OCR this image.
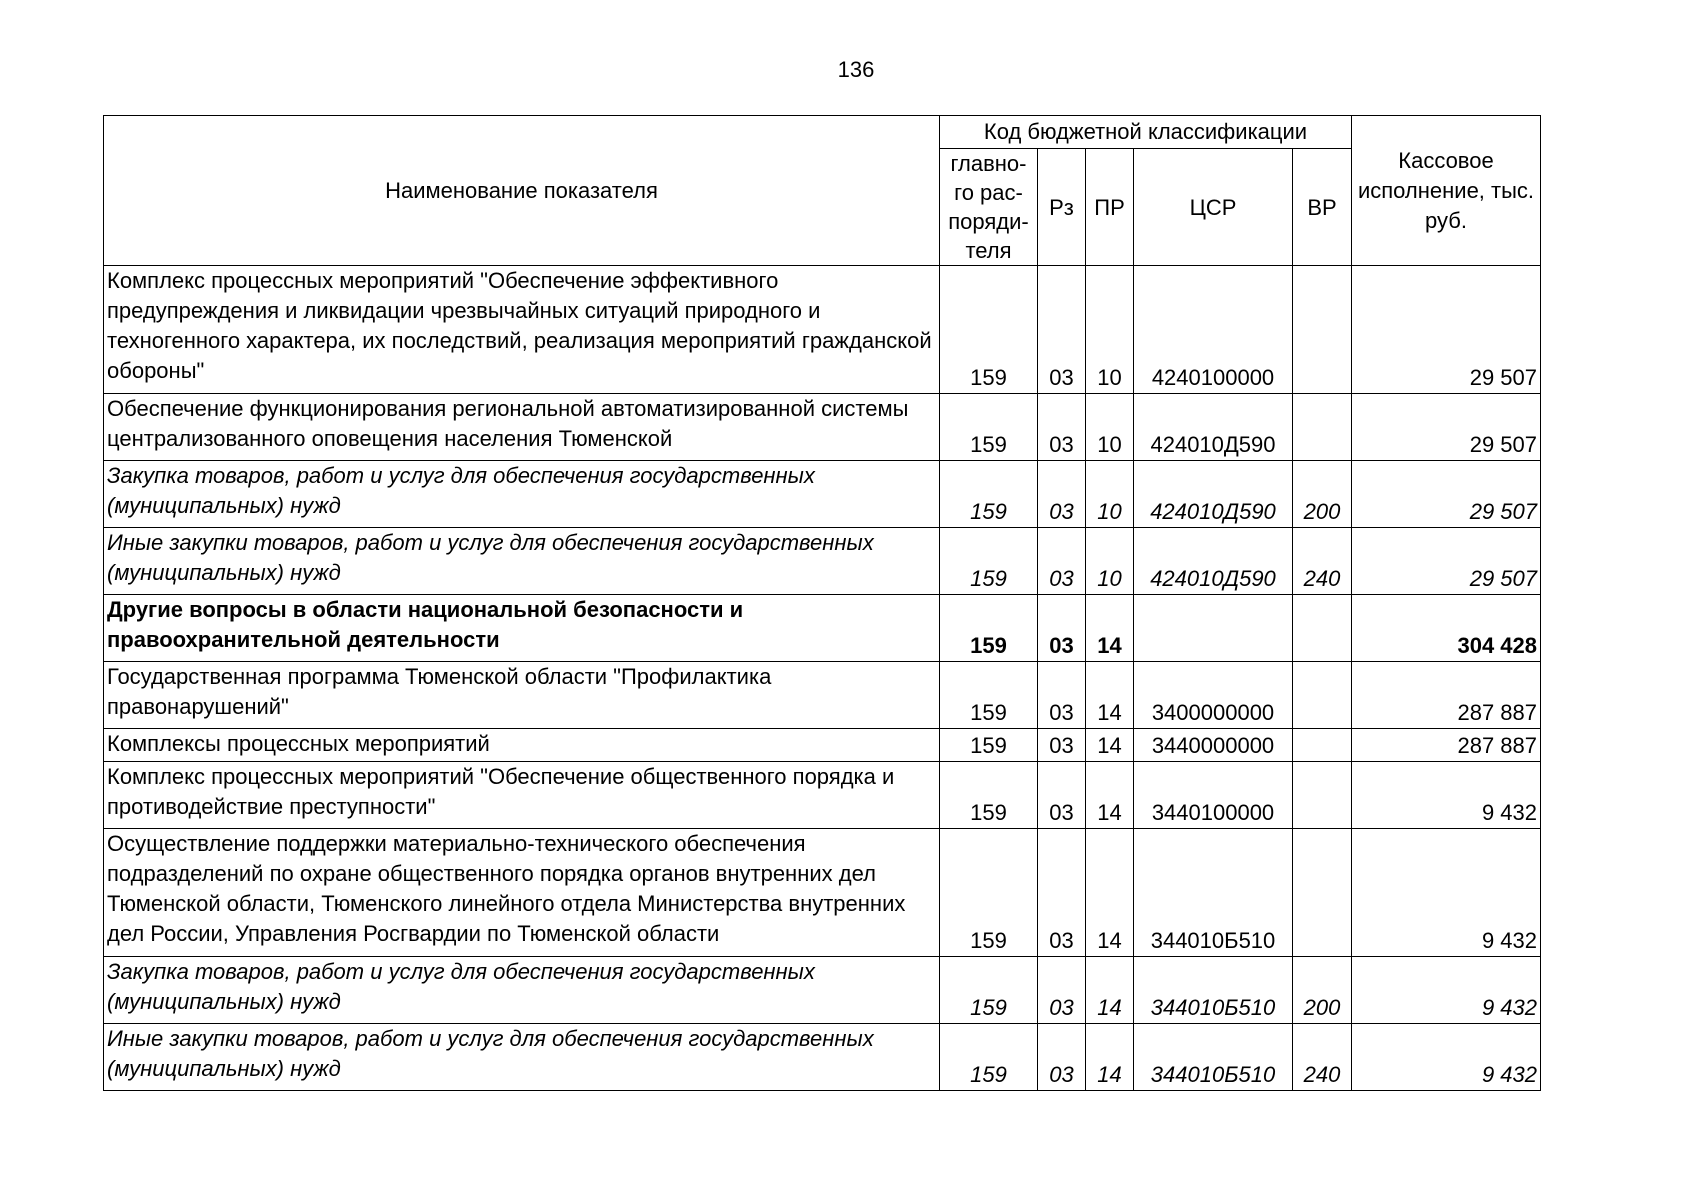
136
Наименование показателя	Код бюджетной классификации					Кассовое исполнение, тыс. руб.
	главно-го рас-поряди-теля	Рз	ПР	ЦСР	ВР	
Комплекс процессных мероприятий "Обеспечение эффективного предупреждения и ликвидации чрезвычайных ситуаций природного и техногенного характера, их последствий, реализация мероприятий гражданской обороны"	159	03	10	4240100000		29 507
Обеспечение функционирования региональной автоматизированной системы централизованного оповещения населения Тюменской	159	03	10	424010Д590		29 507
Закупка товаров, работ и услуг для обеспечения государственных (муниципальных) нужд	159	03	10	424010Д590	200	29 507
Иные закупки товаров, работ и услуг для обеспечения государственных (муниципальных) нужд	159	03	10	424010Д590	240	29 507
Другие вопросы в области национальной безопасности и правоохранительной деятельности	159	03	14			304 428
Государственная программа Тюменской области "Профилактика правонарушений"	159	03	14	3400000000		287 887
Комплексы процессных мероприятий	159	03	14	3440000000		287 887
Комплекс процессных мероприятий "Обеспечение общественного порядка и противодействие преступности"	159	03	14	3440100000		9 432
Осуществление поддержки материально-технического обеспечения подразделений по охране общественного порядка органов внутренних дел Тюменской области, Тюменского линейного отдела Министерства внутренних дел России, Управления Росгвардии по Тюменской области	159	03	14	344010Б510		9 432
Закупка товаров, работ и услуг для обеспечения государственных (муниципальных) нужд	159	03	14	344010Б510	200	9 432
Иные закупки товаров, работ и услуг для обеспечения государственных (муниципальных) нужд	159	03	14	344010Б510	240	9 432
